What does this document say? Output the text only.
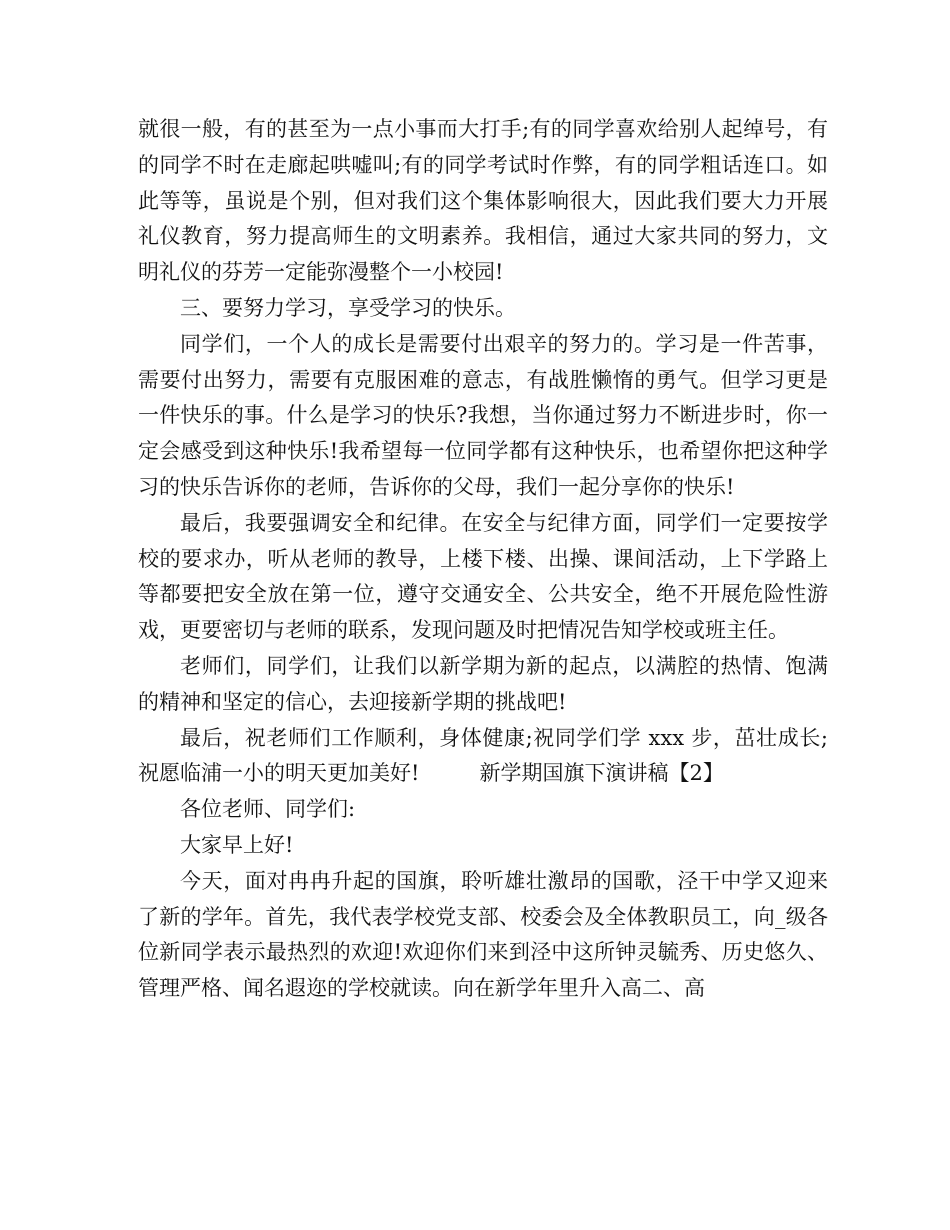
就很一般，有的甚至为一点小事而大打手;有的同学喜欢给别人起绰号，有的同学不时在走廊起哄嘘叫;有的同学考试时作弊，有的同学粗话连口。如此等等，虽说是个别，但对我们这个集体影响很大，因此我们要大力开展礼仪教育，努力提高师生的文明素养。我相信，通过大家共同的努力，文明礼仪的芬芳一定能弥漫整个一小校园!

三、要努力学习，享受学习的快乐。

同学们，一个人的成长是需要付出艰辛的努力的。学习是一件苦事，需要付出努力，需要有克服困难的意志，有战胜懒惰的勇气。但学习更是一件快乐的事。什么是学习的快乐?我想，当你通过努力不断进步时，你一定会感受到这种快乐!我希望每一位同学都有这种快乐，也希望你把这种学习的快乐告诉你的老师，告诉你的父母，我们一起分享你的快乐!

最后，我要强调安全和纪律。在安全与纪律方面，同学们一定要按学校的要求办，听从老师的教导，上楼下楼、出操、课间活动，上下学路上等都要把安全放在第一位，遵守交通安全、公共安全，绝不开展危险性游戏，更要密切与老师的联系，发现问题及时把情况告知学校或班主任。

老师们，同学们，让我们以新学期为新的起点，以满腔的热情、饱满的精神和坚定的信心，去迎接新学期的挑战吧!

最后，祝老师们工作顺利，身体健康;祝同学们学 xxx 步，茁壮成长;祝愿临浦一小的明天更加美好!	新学期国旗下演讲稿【2】

各位老师、同学们:

大家早上好!

今天，面对冉冉升起的国旗，聆听雄壮激昂的国歌，泾干中学又迎来了新的学年。首先，我代表学校党支部、校委会及全体教职员工，向_级各位新同学表示最热烈的欢迎!欢迎你们来到泾中这所钟灵毓秀、历史悠久、管理严格、闻名遐迩的学校就读。向在新学年里升入高二、高
